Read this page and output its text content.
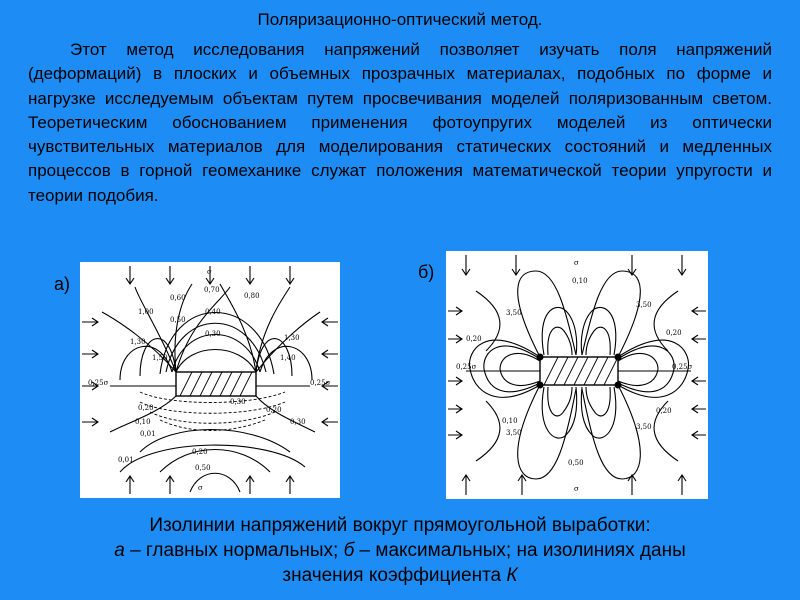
Поляризационно-оптический метод.

Этот метод исследования напряжений позволяет изучать поля напряжений (деформаций) в плоских и объемных прозрачных материалах, подобных по форме и нагрузке исследуемым объектам путем просвечивания моделей поляризованным светом. Теоретическим обоснованием применения фотоупругих моделей из оптически чувствительных материалов для моделирования статических состояний и медленных процессов в горной геомеханике служат положения математической теории упругости и теории подобия.

а)
б)
σ
σ
0,60
0,70
0,80
0,50
1,00	0,40
1,30
0,30	1,30
1,50	1,40
0,25σ	0,25σ
0,20
0,30
0,10
0,20
0,01
0,30
0,20
0,50
0,01
σ
σ
0,10
3,50
3,50
0,20
0,20
0,25σ	0,25σ
0,10
3,50
0,20
3,50
0,50
Изолинии напряжений вокруг прямоугольной выработки:
а – главных нормальных; б – максимальных; на изолиниях даны
значения коэффициента К
